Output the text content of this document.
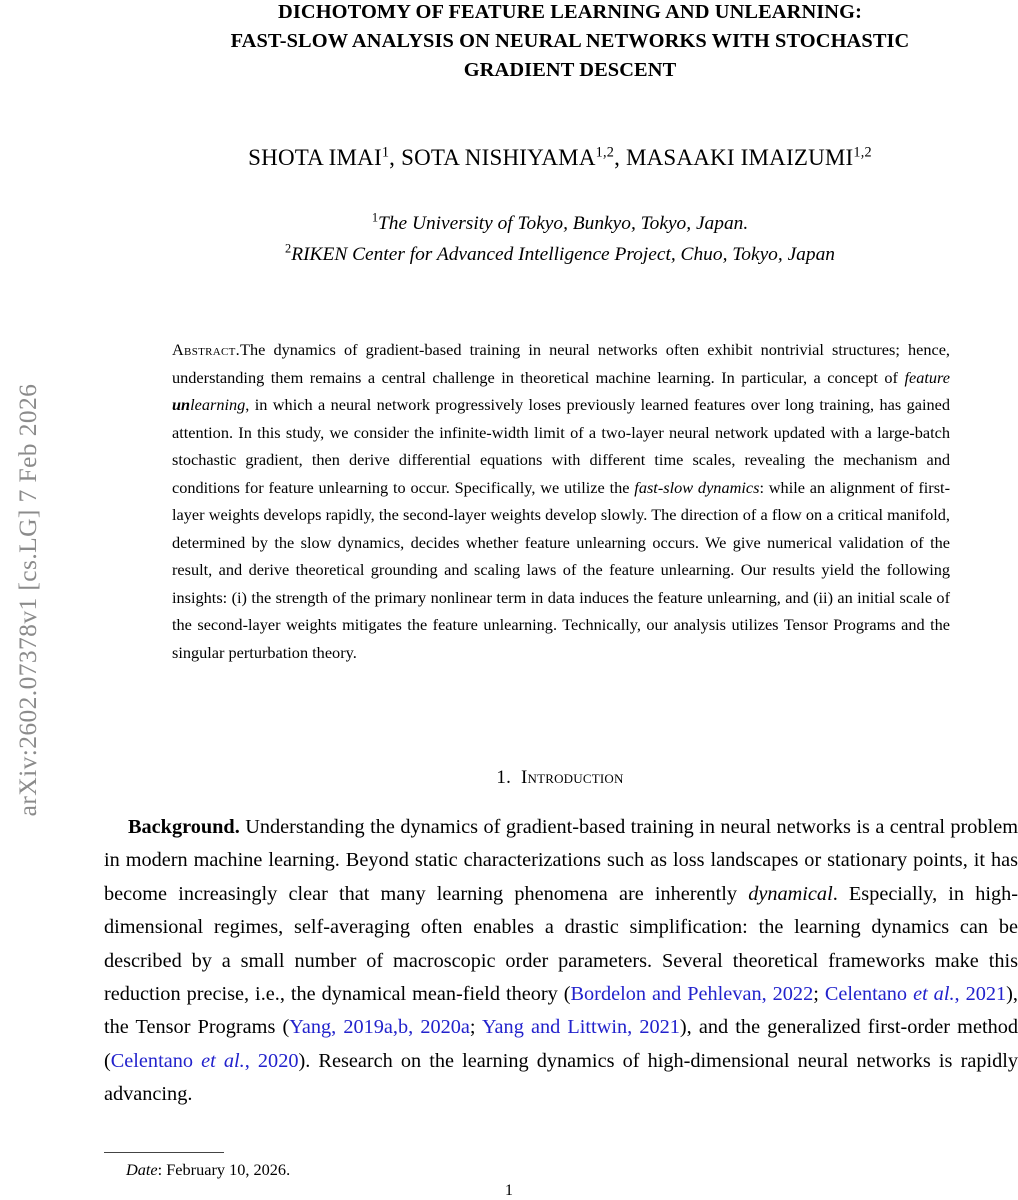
arXiv:2602.07378v1 [cs.LG] 7 Feb 2026
DICHOTOMY OF FEATURE LEARNING AND UNLEARNING:
FAST-SLOW ANALYSIS ON NEURAL NETWORKS WITH STOCHASTIC
GRADIENT DESCENT
SHOTA IMAI$^1$, SOTA NISHIYAMA$^{1,2}$, MASAAKI IMAIZUMI$^{1,2}$
$^1$The University of Tokyo, Bunkyo, Tokyo, Japan.
$^2$RIKEN Center for Advanced Intelligence Project, Chuo, Tokyo, Japan
Abstract.The dynamics of gradient-based training in neural networks often exhibit nontrivial structures; hence, understanding them remains a central challenge in theoretical machine learning. In particular, a concept of feature unlearning, in which a neural network progressively loses previously learned features over long training, has gained attention. In this study, we consider the infinite-width limit of a two-layer neural network updated with a large-batch stochastic gradient, then derive differential equations with different time scales, revealing the mechanism and conditions for feature unlearning to occur. Specifically, we utilize the fast-slow dynamics: while an alignment of first-layer weights develops rapidly, the second-layer weights develop slowly. The direction of a flow on a critical manifold, determined by the slow dynamics, decides whether feature unlearning occurs. We give numerical validation of the result, and derive theoretical grounding and scaling laws of the feature unlearning. Our results yield the following insights: (i) the strength of the primary nonlinear term in data induces the feature unlearning, and (ii) an initial scale of the second-layer weights mitigates the feature unlearning. Technically, our analysis utilizes Tensor Programs and the singular perturbation theory.
1. Introduction
Background. Understanding the dynamics of gradient-based training in neural networks is a central problem in modern machine learning. Beyond static characterizations such as loss landscapes or stationary points, it has become increasingly clear that many learning phenomena are inherently dynamical. Especially, in high-dimensional regimes, self-averaging often enables a drastic simplification: the learning dynamics can be described by a small number of macroscopic order parameters. Several theoretical frameworks make this reduction precise, i.e., the dynamical mean-field theory (Bordelon and Pehlevan, 2022; Celentano et al., 2021), the Tensor Programs (Yang, 2019a,b, 2020a; Yang and Littwin, 2021), and the generalized first-order method (Celentano et al., 2020). Research on the learning dynamics of high-dimensional neural networks is rapidly advancing.
Date: February 10, 2026.
1
